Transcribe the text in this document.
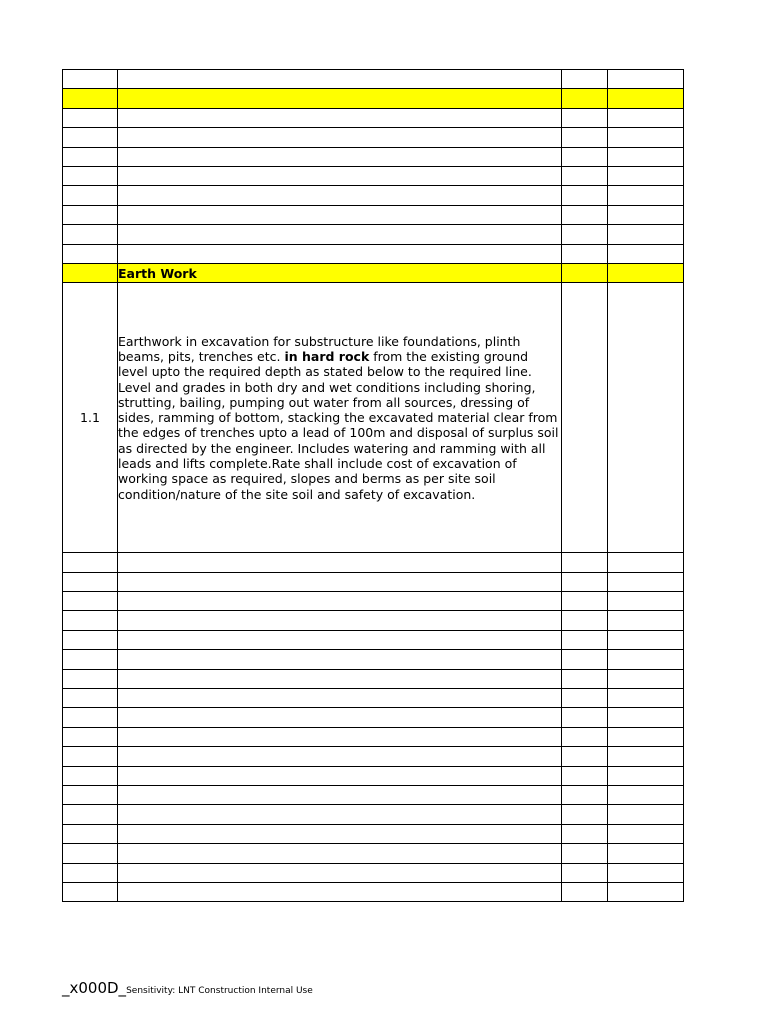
	Earth Work		
1.1	Earthwork in excavation for substructure like foundations, plinth beams, pits, trenches etc. in hard rock from the existing ground level upto the required depth as stated below to the required line. Level and grades in both dry and wet conditions including shoring, strutting, bailing, pumping out water from all sources, dressing of sides, ramming of bottom, stacking the excavated material clear from the edges of trenches upto a lead of 100m and disposal of surplus soil as directed by the engineer. Includes watering and ramming with all leads and lifts complete.Rate shall include cost of excavation of working space as required, slopes and berms as per site soil condition/nature of the site soil and safety of excavation.		

_x000D_Sensitivity: LNT Construction Internal Use
